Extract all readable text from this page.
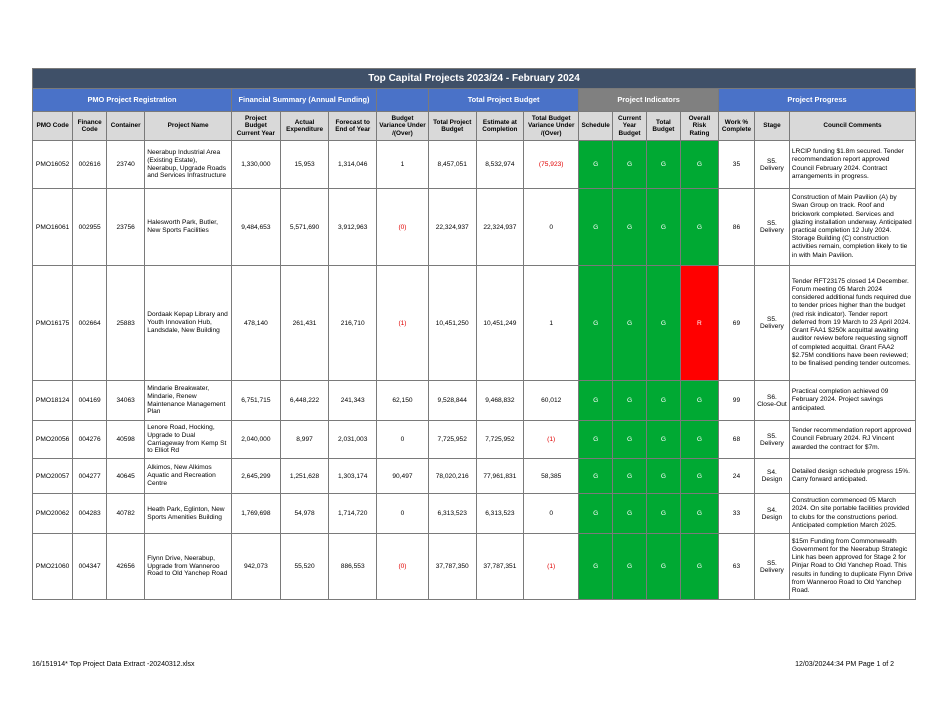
Top Capital Projects 2023/24 - February 2024																	
PMO Project Registration				Financial Summary (Annual Funding)				Total Project Budget			Project Indicators				Project Progress		
PMO Code	Finance Code	Container	Project Name	Project Budget Current Year	Actual Expenditure	Forecast to End of Year	Budget Variance Under /(Over)	Total Project Budget	Estimate at Completion	Total Budget Variance Under /(Over)	Schedule	Current Year Budget	Total Budget	Overall Risk Rating	Work % Complete	Stage	Council Comments
PMO16052	002616	23740	Neerabup Industrial Area (Existing Estate), Neerabup, Upgrade Roads and Services Infrastructure	1,330,000	15,953	1,314,046	1	8,457,051	8,532,974	(75,923)	G	G	G	G	35	S5. Delivery	LRCIP funding $1.8m secured. Tender recommendation report approved Council February 2024. Contract arrangements in progress.
PMO16061	002955	23756	Halesworth Park, Butler, New Sports Facilities	9,484,653	5,571,690	3,912,963	(0)	22,324,937	22,324,937	0	G	G	G	G	86	S5. Delivery	Construction of Main Pavilion (A) by Swan Group on track. Roof and brickwork completed. Services and glazing installation underway. Anticipated practical completion 12 July 2024. Storage Building (C) construction activities remain, completion likely to tie in with Main Pavilion.
PMO16175	002664	25883	Dordaak Kepap Library and Youth Innovation Hub, Landsdale, New Building	478,140	261,431	216,710	(1)	10,451,250	10,451,249	1	G	G	G	R	69	S5. Delivery	Tender RFT23175 closed 14 December. Forum meeting 05 March 2024 considered additional funds required due to tender prices higher than the budget (red risk indicator). Tender report deferred from 19 March to 23 April 2024. Grant FAA1 $250k acquittal awaiting auditor review before requesting signoff of completed acquittal. Grant FAA2 $2.75M conditions have been reviewed; to be finalised pending tender outcomes.
PMO18124	004169	34063	Mindarie Breakwater, Mindarie, Renew Maintenance Management Plan	6,751,715	6,448,222	241,343	62,150	9,528,844	9,468,832	60,012	G	G	G	G	99	S6. Close-Out	Practical completion achieved 09 February 2024. Project savings anticipated.
PMO20056	004276	40598	Lenore Road, Hocking, Upgrade to Dual Carriageway from Kemp St to Elliot Rd	2,040,000	8,997	2,031,003	0	7,725,952	7,725,952	(1)	G	G	G	G	68	S5. Delivery	Tender recommendation report approved Council February 2024. RJ Vincent awarded the contract for $7m.
PMO20057	004277	40645	Alkimos, New Alkimos Aquatic and Recreation Centre	2,645,299	1,251,628	1,303,174	90,497	78,020,216	77,961,831	58,385	G	G	G	G	24	S4. Design	Detailed design schedule progress 15%. Carry forward anticipated.
PMO20062	004283	40782	Heath Park, Eglinton, New Sports Amenities Building	1,769,698	54,978	1,714,720	0	6,313,523	6,313,523	0	G	G	G	G	33	S4. Design	Construction commenced 05 March 2024. On site portable facilities provided to clubs for the constructions period. Anticipated completion March 2025.
PMO21060	004347	42656	Flynn Drive, Neerabup, Upgrade from Wanneroo Road to Old Yanchep Road	942,073	55,520	886,553	(0)	37,787,350	37,787,351	(1)	G	G	G	G	63	S5. Delivery	$15m Funding from Commonwealth Government for the Neerabup Strategic Link has been approved for Stage 2 for Pinjar Road to Old Yanchep Road. This results in funding to duplicate Flynn Drive from Wanneroo Road to Old Yanchep Road.
16/151914* Top Project Data Extract -20240312.xlsx	12/03/20244:34 PM Page 1 of 2
